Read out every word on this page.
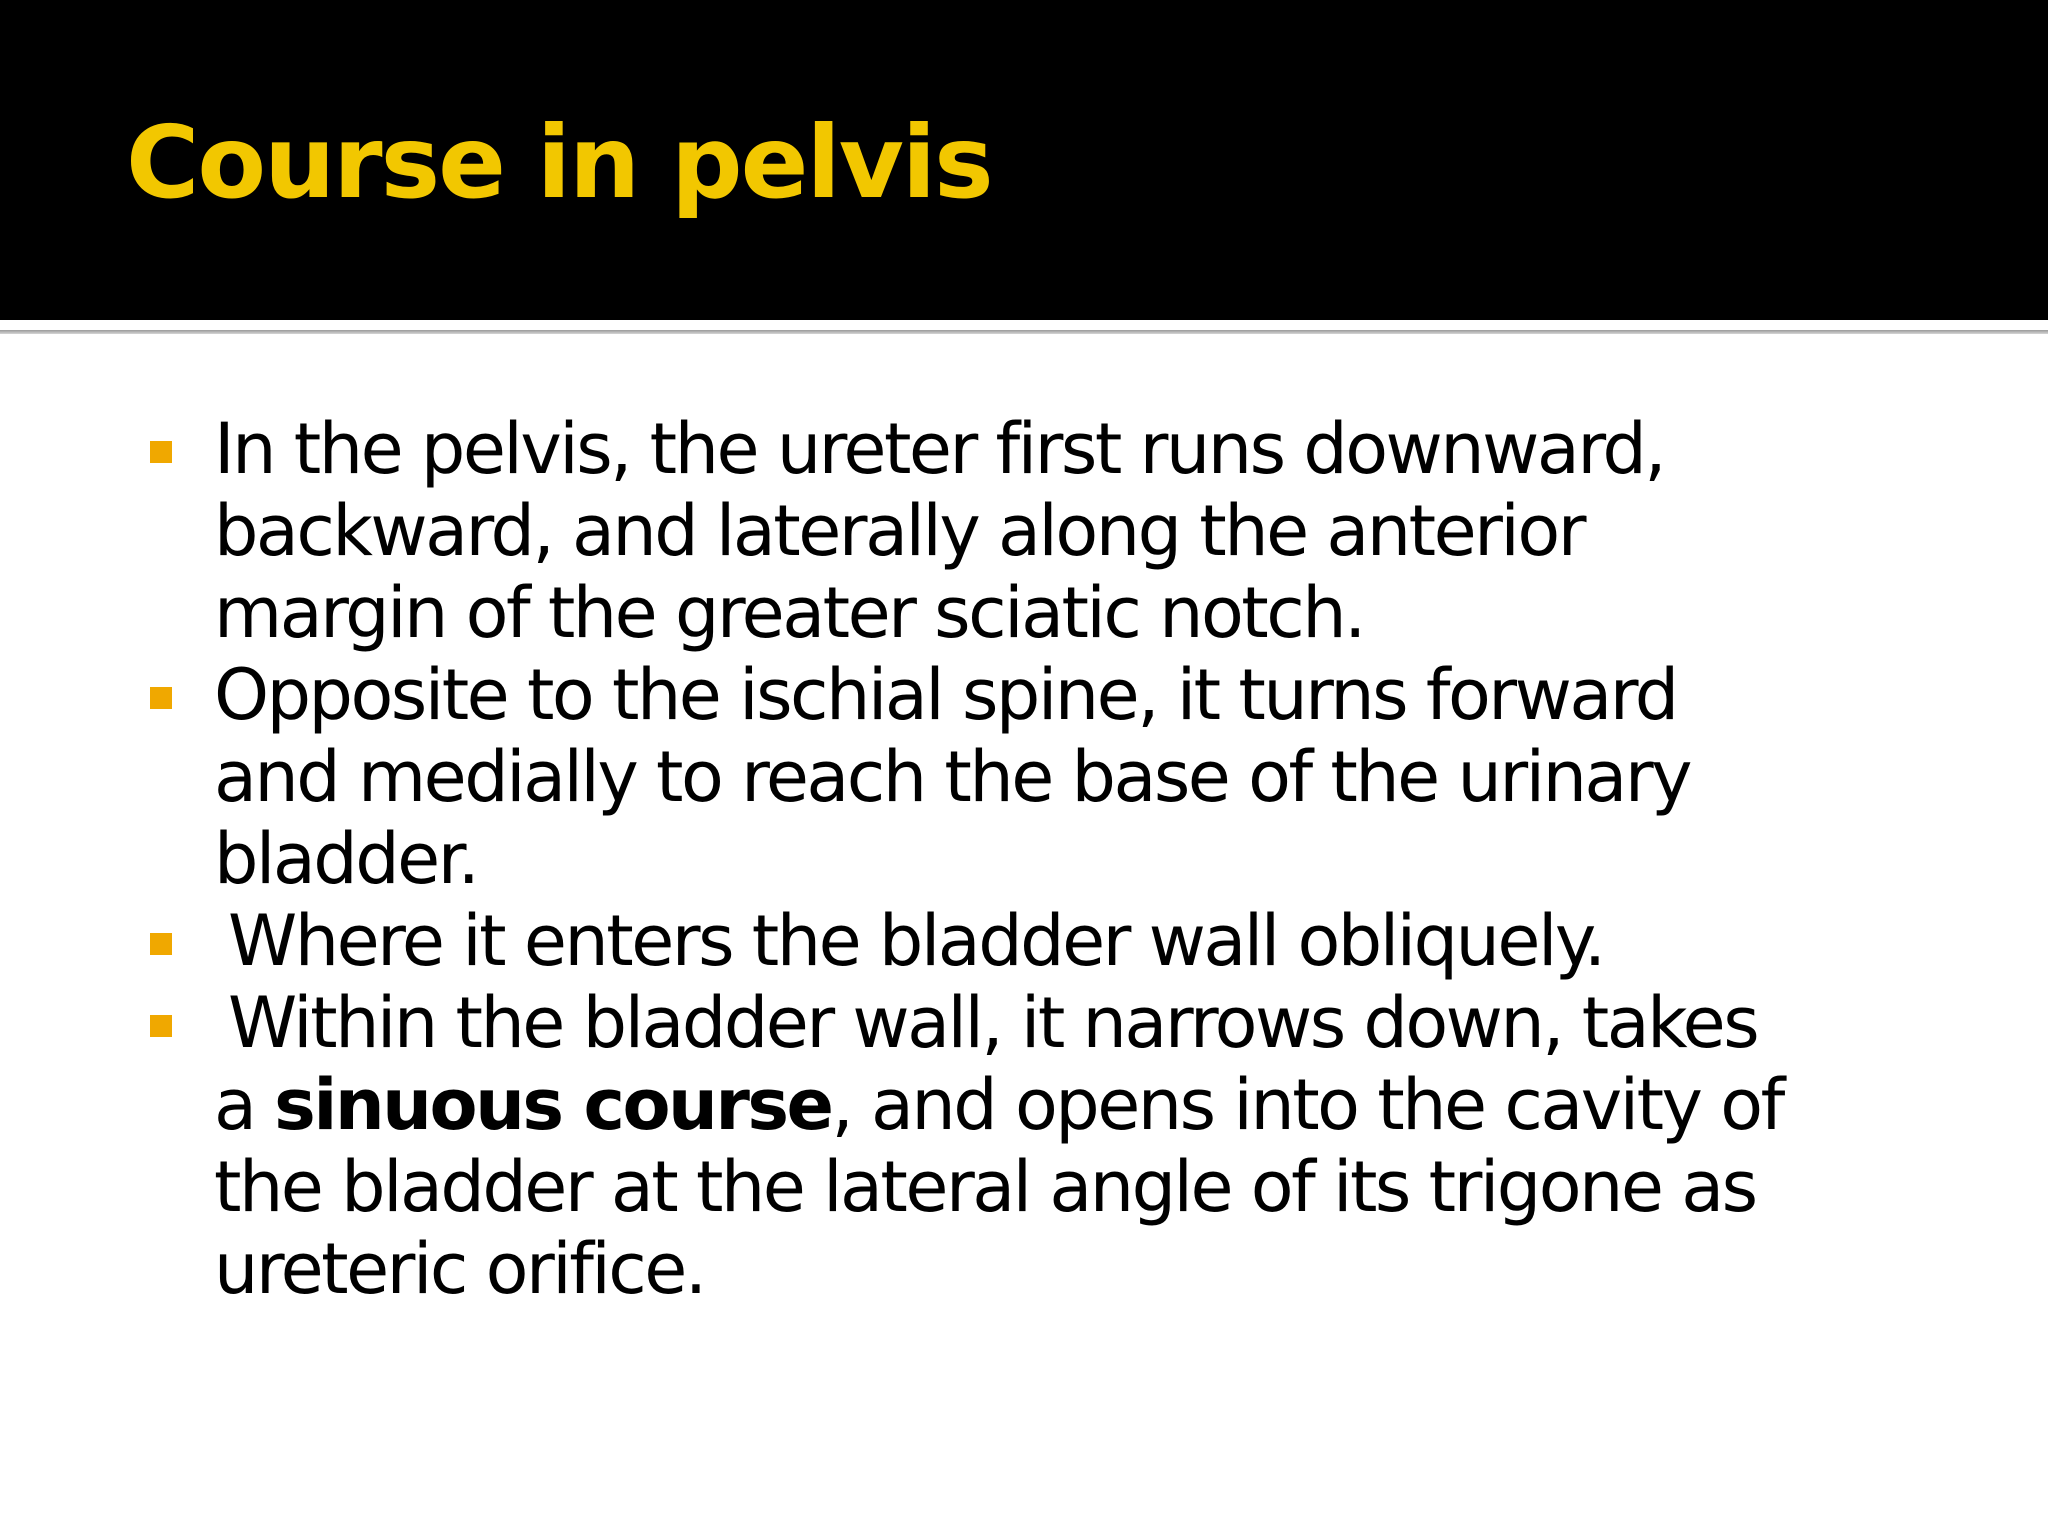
Course in pelvis
In the pelvis, the ureter first runs downward,
backward, and laterally along the anterior
margin of the greater sciatic notch.
Opposite to the ischial spine, it turns forward
and medially to reach the base of the urinary
bladder.
Where it enters the bladder wall obliquely.
Within the bladder wall, it narrows down, takes
a sinuous course, and opens into the cavity of
the bladder at the lateral angle of its trigone as
ureteric orifice.
